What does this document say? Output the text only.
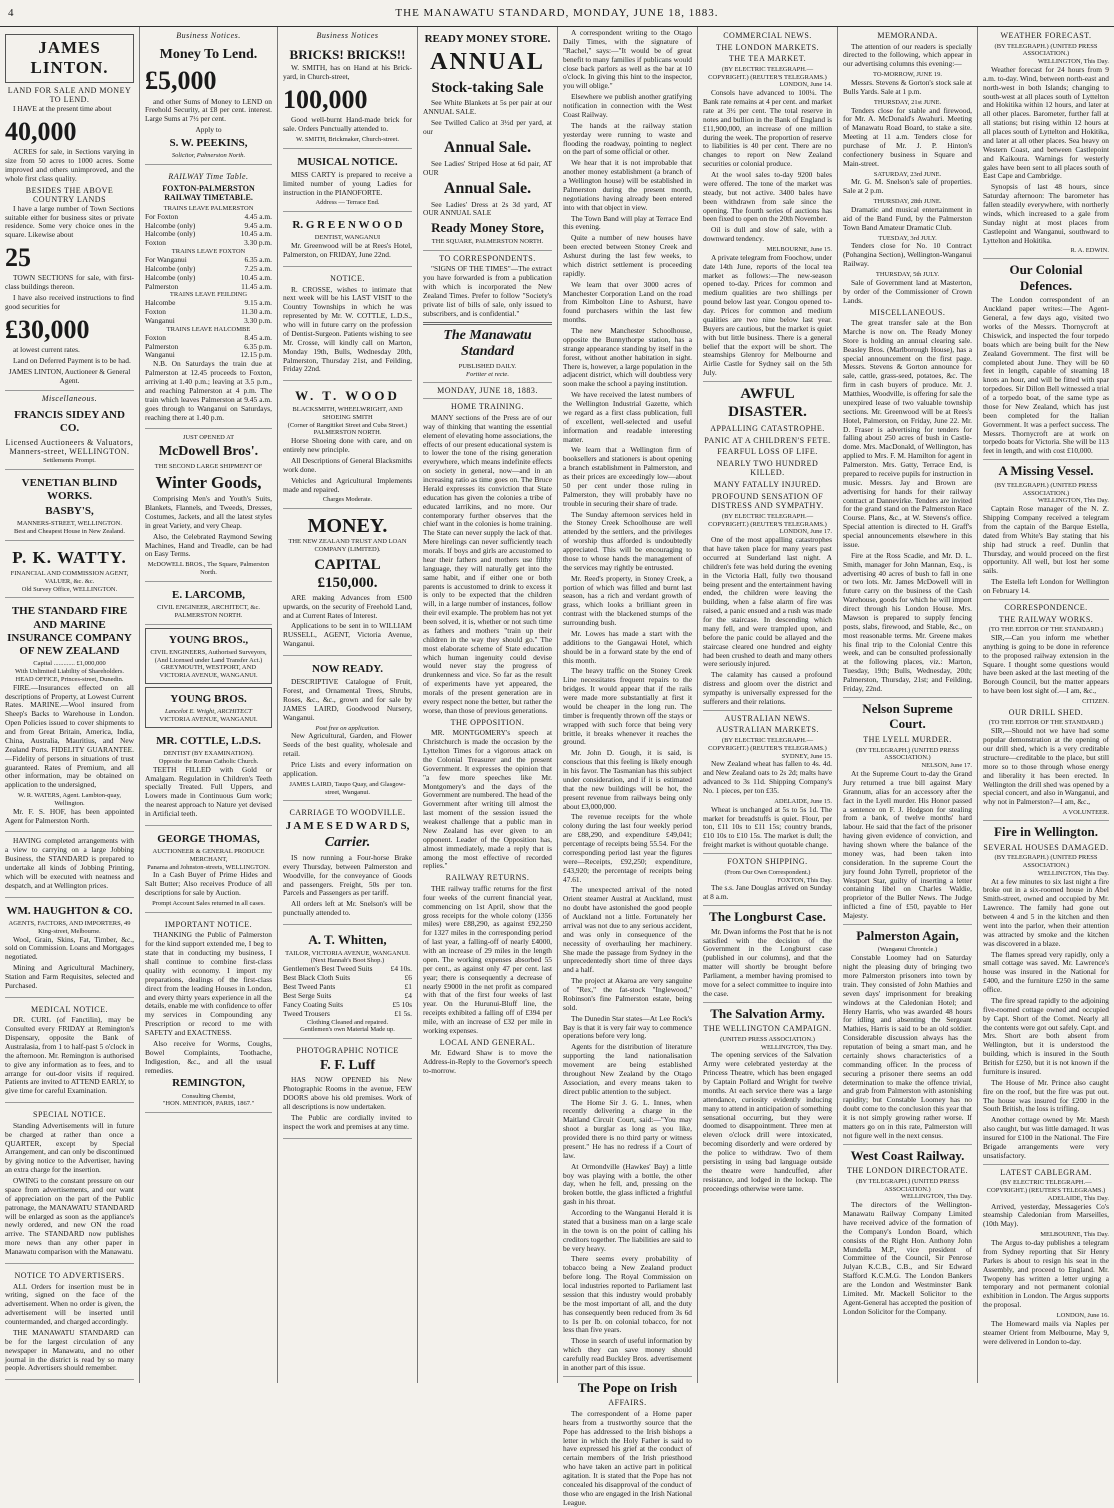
4	THE MANAWATU STANDARD, MONDAY, JUNE 18, 1883.
JAMES LINTON.
LAND FOR SALE AND MONEY TO LEND.

I HAVE at the present time about

40,000

ACRES for sale, in Sections varying in size from 50 acres to 1000 acres. Some improved and others unimproved, and the whole first class quality.

BESIDES THE ABOVE COUNTRY LANDS

I have a large number of Town Sections suitable either for business sites or private residence. Some very choice ones in the square. Likewise about

25

TOWN SECTIONS for sale, with first-class buildings thereon.

I have also received instructions to find good securities for

£30,000

at lowest current rates.

Land on Deferred Payment is to be had.

JAMES LINTON, Auctioneer & General Agent.
Miscellaneous.
FRANCIS SIDEY AND CO.
Licensed Auctioneers & Valuators, Manners-street, WELLINGTON.
Settlements Prompt.
VENETIAN BLIND WORKS.
BASBY'S,
MANNERS-STREET, WELLINGTON.
Best and Cheapest House in New Zealand.
P. K. WATTY.
FINANCIAL AND COMMISSION AGENT, VALUER, &c. &c.
Old Survey Office, WELLINGTON.
THE STANDARD FIRE AND MARINE INSURANCE COMPANY OF NEW ZEALAND
Capital ............. £1,000,000
With Unlimited Liability of Shareholders.
HEAD OFFICE, Princes-street, Dunedin.

FIRE.—Insurances effected on all descriptions of Property, at Lowest Current Rates. MARINE.—Wool insured from Sheep's Backs to Warehouse in London. Open Policies issued to cover shipments to and from Great Britain, America, India, China, Australia, Mauritius, and New Zealand Ports. FIDELITY GUARANTEE.—Fidelity of persons in situations of trust guaranteed. Rates of Premium, and all other information, may be obtained on application to the undersigned,

W. R. WATERS, Agent. Lambton-quay, Wellington.

Mr. F. S. HOF, has been appointed Agent for Palmerston North.

HAVING completed arrangements with a view to carrying on a large Jobbing Business, the STANDARD is prepared to undertake all kinds of Jobbing Printing, which will be executed with neatness and despatch, and at Wellington prices.

WM. HAUGHTON & CO.
AGENTS, FACTORS, AND IMPORTERS, 49 King-street, Melbourne.

Wool, Grain, Skins, Fat, Timber, &c., sold on Commission. Loans and Mortgages negotiated.

Mining and Agricultural Machinery, Station and Farm Requisites, selected and Purchased.

MEDICAL NOTICE.

DR. CURL (of Fanctilin), may be Consulted every FRIDAY at Remington's Dispensary, opposite the Bank of Australasia, from 1 to half-past 5 o'clock in the afternoon. Mr. Remington is authorised to give any information as to fees, and to arrange for out-door visits if required. Patients are invited to ATTEND EARLY, to give time for careful Examination.

SPECIAL NOTICE.

Standing Advertisements will in future be charged at rather than once a QUARTER, except by Special Arrangement, and can only be discontinued by giving notice to the Advertiser, having an extra charge for the insertion.

OWING to the constant pressure on our space from advertisements, and our want of appreciation on the part of the Public patronage, the MANAWATU STANDARD will be enlarged as soon as the appliance's newly ordered, and new ON the road arrive. The STANDARD now publishes more news than any other paper in Manawatu comparison with the Manawatu.

NOTICE TO ADVERTISERS.

ALL Orders for insertion must be in writing, signed on the face of the advertisement. When no order is given, the advertisement will be inserted until countermanded, and charged accordingly.

THE MANAWATU STANDARD can be for the largest circulation of any newspaper in Manawatu, and no other journal in the district is read by so many people. Advertisers should remember.

Business Notices.
Money To Lend.
£5,000

and other Sums of Money to LEND on Freehold Security, at £8 per cent. interest. Large Sums at 7½ per cent.

Apply to
S. W. PEEKINS,
Solicitor, Palmerston North.
RAILWAY Time Table.
FOXTON-PALMERSTON RAILWAY TIMETABLE.
TRAINS LEAVE PALMERSTON
For Foxton	4.45 a.m.
Halcombe (only)	9.45 a.m.
Halcombe (only)	10.45 a.m.
Foxton	3.30 p.m.
TRAINS LEAVE FOXTON
For Wanganui	6.35 a.m.
Halcombe (only)	7.25 a.m.
Halcombe (only)	10.45 a.m.
Palmerston	11.45 a.m.
TRAINS LEAVE FEILDING
Halcombe	9.15 a.m.
Foxton	11.30 a.m.
Wanganui	3.30 p.m.
TRAINS LEAVE HALCOMBE
Foxton	8.45 a.m.
Palmerston	6.35 p.m.
Wanganui	12.15 p.m.

N.B. On Saturdays the train due at Palmerston at 12.45 proceeds to Foxton, arriving at 1.40 p.m.; leaving at 3.5 p.m., and reaching Palmerston at 4 p.m. The train which leaves Palmerston at 9.45 a.m. goes through to Wanganui on Saturdays, reaching there at 1.40 p.m.

JUST OPENED AT
McDowell Bros'.
THE SECOND LARGE SHIPMENT OF
Winter Goods,

Comprising Men's and Youth's Suits, Blankets, Flannels, and Tweeds, Dresses, Costumes, Jackets, and all the latest styles in great Variety, and very Cheap.

Also, the Celebrated Raymond Sewing Machines, Hand and Treadle, can be had on Easy Terms.

McDOWELL BROS., The Square, Palmerston North.
E. LARCOMB,
CIVIL ENGINEER, ARCHITECT, &c.
PALMERSTON NORTH.
YOUNG BROS.,
CIVIL ENGINEERS, Authorised Surveyors, (And Licensed under Land Transfer Act.)
GREYMOUTH, WESTPORT, AND VICTORIA AVENUE, WANGANUI.
YOUNG BROS.
Lancelot E. Wright, ARCHITECT
VICTORIA AVENUE, WANGANUI.
MR. COTTLE, L.D.S.
DENTIST (BY EXAMINATION).
Opposite the Roman Catholic Church.

TEETH FILLED with Gold or Amalgam. Regulation in Children's Teeth specially Treated. Full Uppers, and Lowers made in Continuous Gum work; the nearest approach to Nature yet devised in Artificial teeth.

GEORGE THOMAS,
AUCTIONEER & GENERAL PRODUCE MERCHANT,
Panama and Johnston-streets, WELLINGTON.

In a Cash Buyer of Prime Hides and Salt Butter; Also receives Produce of all descriptions for sale by Auction.

Prompt Account Sales returned in all cases.
IMPORTANT NOTICE.

THANKING the Public of Palmerston for the kind support extended me, I beg to state that in conducting my business, I shall continue to combine first-class quality with economy. I import my preparations, dealings of the first-class direct from the leading Houses in London, and every thirty years experience in all the details, enable me with confidence to offer my services in Compounding any Prescription or record to me with SAFETY and EXACTNESS.

Also receive for Worms, Coughs, Bowel Complaints, Toothache, Indigestion, &c., and all the usual remedies.

REMINGTON,
Consulting Chemist,
"HON. MENTION, PARIS, 1867."
Business Notices
BRICKS! BRICKS!!

W. SMITH, has on Hand at his Brick-yard, in Church-street,

100,000

Good well-burnt Hand-made brick for sale. Orders Punctually attended to.

W. SMITH, Brickmaker, Church-street.
MUSICAL NOTICE.

MISS CARTY is prepared to receive a limited number of young Ladies for instruction in the PIANOFORTE.

Address — Terrace End.
R. G R E E N W O O D
DENTIST, WANGANUI

Mr. Greenwood will be at Rees's Hotel, Palmerston, on FRIDAY, June 22nd.

NOTICE.

R. CROSSE, wishes to intimate that next week will be his LAST VISIT to the Country Townships in which he was represented by Mr. W. COTTLE, L.D.S., who will in future carry on the profession of Dentist-Surgeon. Patients wishing to see Mr. Crosse, will kindly call on Marton, Monday 19th, Bulls, Wednesday 20th, Palmerston, Thursday 21st, and Feilding, Friday 22nd.

W. T. WOOD
BLACKSMITH, WHEELWRIGHT, AND SHOEING SMITH
(Corner of Rangitikei Street and Cuba Street.) PALMERSTON NORTH.

Horse Shoeing done with care, and on entirely new principle.

All Descriptions of General Blacksmiths work done.

Vehicles and Agricultural Implements made and repaired.

Charges Moderate.
MONEY.
THE NEW ZEALAND TRUST AND LOAN COMPANY (LIMITED).
CAPITAL £150,000.

ARE making Advances from £500 upwards, on the security of Freehold Land, and at Current Rates of Interest.

Applications to be sent in to WILLIAM RUSSELL, AGENT, Victoria Avenue, Wanganui.

NOW READY.

DESCRIPTIVE Catalogue of Fruit, Forest, and Ornamental Trees, Shrubs, Roses, &c., &c., grown and for sale by JAMES LAIRD, Goodwood Nursery, Wanganui.

Post free on application.

New Agricultural, Garden, and Flower Seeds of the best quality, wholesale and retail.

Price Lists and every information on application.

JAMES LAIRD, Taupo Quay, and Glasgow-street, Wanganui.
CARRIAGE TO WOODVILLE.
J A M E S E D W A R D S,
Carrier.

IS now running a Four-horse Brake every Thursday, between Palmerston and Woodville, for the conveyance of Goods and passengers. Freight, 50s per ton. Parcels and Passengers as per tariff.

All orders left at Mr. Snelson's will be punctually attended to.

A. T. Whitten,
TAILOR, VICTORIA AVENUE, WANGANUI.
(Next Hannah's Boot Shop.)
Gentlemen's Best Tweed Suits £4 10s.
Best Black Cloth Suits	£6
Best Tweed Pants	£1
Best Serge Suits	£4
Fancy Coating Suits	£5 10s
Tweed Trousers	£1 5s.
Clothing Cleaned and repaired.
Gentlemen's own Material Made up.
PHOTOGRAPHIC NOTICE
F. F. Luff

HAS NOW OPENED his New Photographic Rooms in the avenue, FEW DOORS above his old premises. Work of all descriptions is now undertaken.

The Public are cordially invited to inspect the work and premises at any time.

READY MONEY STORE.
ANNUAL
Stock-taking Sale

See White Blankets at 5s per pair at our ANNUAL SALE.

See Twilled Calico at 3½d per yard, at our

Annual Sale.

See Ladies' Striped Hose at 6d pair, AT OUR

Annual Sale.

See Ladies' Dress at 2s 3d yard, AT OUR ANNUAL SALE

Ready Money Store,
THE SQUARE, PALMERSTON NORTH.
TO CORRESPONDENTS.

"SIGNS OF THE TIMES"—The extract you have forwarded is from a publication with which is incorporated the New Zealand Times. Prefer to follow "Society's private list of bills of sale, only issued to subscribers, and is confidential."

The Manawatu Standard
PUBLISHED DAILY.
Fortiter et recte.
MONDAY, JUNE 18, 1883.
HOME TRAINING.

MANY sections of the Press are of our way of thinking that wanting the essential element of elevating home associations, the effects of our present educational system is to lower the tone of the rising generation everywhere, which means indefinite effects on society in general, now—and in an increasing ratio as time goes on. The Bruce Herald expresses its conviction that State education has given the colonies a tribe of educated larrikins, and no more. Our contemporary further observes that the chief want in the colonies is home training. The State can never supply the lack of that. Mere hirelings can never sufficiently teach morals. If boys and girls are accustomed to hear their fathers and mothers use filthy language, they will naturally get into the same habit, and if either one or both parents is accustomed to drink to excess it is only to be expected that the children will, in a large number of instances, follow their evil example. The problem has not yet been solved, it is, whether or not such time as fathers and mothers "train up their children in the way they should go." The most elaborate scheme of State education which human ingenuity could devise would never stay the progress of drunkenness and vice. So far as the result of experiments have yet appeared, the morals of the present generation are in every respect none the better, but rather the worse, than those of previous generations.

THE OPPOSITION.

MR. MONTGOMERY's speech at Christchurch is made the occasion by the Lyttelton Times for a vigorous attack on the Colonial Treasurer and the present Government. It expresses the opinion that "a few more speeches like Mr. Montgomery's and the days of the Government are numbered. The head of the Government after writing till almost the last moment of the session issued the weakest challenge that a public man in New Zealand has ever given to an opponent. Leader of the Opposition has, almost immediately, made a reply that is among the most effective of recorded replies."

RAILWAY RETURNS.

THE railway traffic returns for the first four weeks of the current financial year, commencing on 1st April, show that the gross receipts for the whole colony (1356 miles) were £88,290, as against £92,250 for 1327 miles in the corresponding period of last year, a falling-off of nearly £4000, with an increase of 29 miles in the length open. The working expenses absorbed 55 per cent., as against only 47 per cent. last year; there is consequently a decrease of nearly £9000 in the net profit as compared with that of the first four weeks of last year. On the Hurunui-Bluff line, the receipts exhibited a falling off of £394 per mile, with an increase of £32 per mile in working expenses.

LOCAL AND GENERAL.

Mr. Edward Shaw is to move the Address-in-Reply to the Governor's speech to-morrow.

A correspondent writing to the Otago Daily Times, with the signature of "Rachel," says:—"It would be of great benefit to many families if publicans would close back parlors as well as the bar at 10 o'clock. In giving this hint to the inspector, you will oblige."

Elsewhere we publish another gratifying notification in connection with the West Coast Railway.

The hands at the railway station yesterday were running to waste and flooding the roadway, pointing to neglect on the part of some official or other.

We hear that it is not improbable that another money establishment (a branch of a Wellington house) will be established in Palmerston during the present month, negotiations having already been entered into with that object in view.

The Town Band will play at Terrace End this evening.

Quite a number of new houses have been erected between Stoney Creek and Ashurst during the last few weeks, to which district settlement is proceeding rapidly.

We learn that over 3000 acres of Manchester Corporation Land on the road from Kimbolton Line to Ashurst, have found purchasers within the last few months.

The new Manchester Schoolhouse, opposite the Bunnythorpe station, has a strange appearance standing by itself in the forest, without another habitation in sight. There is, however, a large population in the adjacent district, which will doubtless very soon make the school a paying institution.

We have received the latest numbers of the Wellington Industrial Gazette, which we regard as a first class publication, full of excellent, well-selected and useful information and readable interesting matter.

We learn that a Wellington firm of booksellers and stationers is about opening a branch establishment in Palmerston, and as their prices are exceedingly low—about 50 per cent under those ruling in Palmerston, they will probably have no trouble in securing their share of trade.

The Sunday afternoon services held in the Stoney Creek Schoolhouse are well attended by the settlers, and the privileges of worship thus afforded is undoubtedly appreciated. This will be encouraging to those to whose hands the management of the services may rightly be entrusted.

Mr. Reed's property, in Stoney Creek, a portion of which was filled and burnt last season, has a rich and verdant growth of grass, which looks a brilliant green in contrast with the blackened stumps of the surrounding bush.

Mr. Lowes has made a start with the additions to the Gangawai Hotel, which should be in a forward state by the end of this month.

The heavy traffic on the Stoney Creek Line necessitates frequent repairs to the bridges. It would appear that if the rails were made more substantially at first it would be cheaper in the long run. The timber is frequently thrown off the stays or wrapped with such force that being very brittle, it breaks whenever it reaches the ground.

Mr. John D. Gough, it is said, is conscious that this feeling is likely enough in his favor. The Tasmanian has this subject under consideration, and if it is estimated that the new buildings will be hot, the present revenue from railways being only about £3,000,000.

The revenue receipts for the whole colony during the last four weekly period are £88,290, and expenditure £49,041; percentage of receipts being 55.54. For the corresponding period last year the figures were—Receipts, £92,250; expenditure, £43,920; the percentage of receipts being 47.61.

The unexpected arrival of the noted Orient steamer Austral at Auckland, must no doubt have astonished the good people of Auckland not a little. Fortunately her arrival was not due to any serious accident, and was only in consequence of the necessity of overhauling her machinery. She made the passage from Sydney in the unprecedentedly short time of three days and a half.

The project at Akaroa are very sanguine of "Rex," the fat-stock "Inglewood," Robinson's fine Palmerston estate, being sold.

The Dunedin Star states—At Lee Rock's Bay is that it is very fair way to commence operations before very long.

Agents for the distribution of literature supporting the land nationalisation movement are being established throughout New Zealand by the Otago Association, and every means taken to direct public attention to the subject.

The Home Sir J. G. L. Innes, when recently delivering a charge in the Maitland Circuit Court, said:—"You may shoot a burglar as long as you like, provided there is no third party or witness present." He has no redress if a Court of law.

At Ormondville (Hawkes' Bay) a little boy was playing with a bottle, the other day, when he fell, and, pressing on the broken bottle, the glass inflicted a frightful gash in his throat.

According to the Wanganui Herald it is stated that a business man on a large scale in the town is on the point of calling his creditors together. The liabilities are said to be very heavy.

There seems every probability of tobacco being a New Zealand product before long. The Royal Commission on local industries reported to Parliament last session that this industry would probably be the most important of all, and the duty has consequently been reduced from 3s 6d to 1s per lb. on colonial tobacco, for not less than five years.

Those in search of useful information by which they can save money should carefully read Buckley Bros. advertisement in another part of this issue.

The Pope on Irish
AFFAIRS.

The correspondent of a Home paper hears from a trustworthy source that the Pope has addressed to the Irish bishops a letter in which the Holy Father is said to have expressed his grief at the conduct of certain members of the Irish priesthood who have taken an active part in political agitation. It is stated that the Pope has not concealed his disapproval of the conduct of those who are engaged in the Irish National League.

COMMERCIAL NEWS.
THE LONDON MARKETS.
THE TEA MARKET.
(BY ELECTRIC TELEGRAPH.—COPYRIGHT.) (REUTER'S TELEGRAMS.)
LONDON, June 14.

Consols have advanced to 100¼. The Bank rate remains at 4 per cent. and market rate at 3½ per cent. The total reserve in notes and bullion in the Bank of England is £11,900,000, an increase of one million during the week. The proportion of reserve to liabilities is 40 per cent. There are no changes to report on New Zealand securities or colonial produce.

At the wool sales to-day 9200 bales were offered. The tone of the market was steady, but not active. 3400 bales have been withdrawn from sale since the opening. The fourth series of auctions has been fixed to open on the 20th November.

Oil is dull and slow of sale, with a downward tendency.

MELBOURNE, June 15.

A private telegram from Foochow, under date 14th June, reports of the local tea market as follows:—The new-season opened to-day. Prices for common and medium qualities are two shillings per pound below last year. Congou opened to-day. Prices for common and medium qualities are two nine below last year. Buyers are cautious, but the market is quiet with but little business. There is a general belief that the export will be short. The steamships Glenroy for Melbourne and Airlie Castle for Sydney sail on the 5th July.

AWFUL DISASTER.
APPALLING CATASTROPHE.
PANIC AT A CHILDREN'S FETE.
FEARFUL LOSS OF LIFE.
NEARLY TWO HUNDRED KILLED.
MANY FATALLY INJURED.
PROFOUND SENSATION OF DISTRESS AND SYMPATHY.
(BY ELECTRIC TELEGRAPH.—COPYRIGHT.) (REUTER'S TELEGRAMS.)
LONDON, June 17.

One of the most appalling catastrophes that have taken place for many years past occurred at Sunderland last night. A children's fete was held during the evening in the Victoria Hall, fully two thousand being present and the entertainment having ended, the children were leaving the building, when a false alarm of fire was raised, a panic ensued and a rush was made for the staircase. In descending which many fell, and were trampled upon, and before the panic could be allayed and the staircase cleared one hundred and eighty had been crushed to death and many others were seriously injured.

The calamity has caused a profound distress and gloom over the district and sympathy is universally expressed for the sufferers and their relations.

AUSTRALIAN NEWS.
AUSTRALIAN MARKETS.
(BY ELECTRIC TELEGRAPH.—COPYRIGHT.) (REUTER'S TELEGRAMS.)
SYDNEY, June 15.

New Zealand wheat has fallen to 4s. 4d. and New Zealand oats to 2s 2d; malts have advanced to 3s 11d. Shipping Company's No. 1 pieces, per ton £35.

ADELAIDE, June 15.

Wheat is unchanged at 5s to 5s 1d. The market for breadstuffs is quiet. Flour, per ton, £11 10s to £11 15s; country brands, £10 10s to £10 15s. The market is dull; the freight market is without quotable change.

FOXTON SHIPPING.
(From Our Own Correspondent.)
FOXTON, This Day.

The s.s. Jane Douglas arrived on Sunday at 8 a.m.

The Longburst Case.

Mr. Dwan informs the Post that he is not satisfied with the decision of the Government in the Longburst case (published in our columns), and that the matter will shortly be brought before Parliament, a member having promised to move for a select committee to inquire into the case.

The Salvation Army.
THE WELLINGTON CAMPAIGN.
(UNITED PRESS ASSOCIATION.)
WELLINGTON, This Day.

The opening services of the Salvation Army were celebrated yesterday at the Princess Theatre, which has been engaged by Captain Pollard and Wright for twelve months. At each service there was a large attendance, curiosity evidently inducing many to attend in anticipation of something sensational occurring, but they were doomed to disappointment. Three men at eleven o'clock drill were intoxicated, becoming disorderly and were ordered by the police to withdraw. Two of them persisting in using bad language outside the theatre were handcuffed, after resistance, and lodged in the lockup. The proceedings otherwise were tame.

MEMORANDA.

The attention of our readers is specially directed to the following, which appear in our advertising columns this evening:—

TO-MORROW, JUNE 19.

Messrs. Stevens & Gorton's stock sale at Bulls Yards. Sale at 1 p.m.

THURSDAY, 21st JUNE.

Tenders close for stable and firewood, for Mr. A. McDonald's Awahuri. Meeting of Manawatu Road Board, to stake a site. Meeting at 11 a.m. Tenders close for purchase of Mr. J. P. Hinton's confectionery business in Square and Main-street.

SATURDAY, 23rd JUNE.

Mr. G. M. Snelson's sale of properties. Sale at 2 p.m.

THURSDAY, 28th JUNE.

Dramatic and musical entertainment in aid of the Band Fund, by the Palmerston Town Band Amateur Dramatic Club.

TUESDAY, 3rd JULY.

Tenders close for No. 10 Contract (Pohangina Section), Wellington-Wanganui Railway.

THURSDAY, 5th JULY.

Sale of Government land at Masterton, by order of the Commissioner of Crown Lands.

MISCELLANEOUS.

The great transfer sale at the Bon Marche is now on. The Ready Money Store is holding an annual clearing sale. Beasley Bros. (Marlborough House), has a special announcement on the first page. Messrs. Stevens & Gorton announce for sale, cattle, grass-seed, potatoes, &c. The firm in cash buyers of produce. Mr. J. Matthies, Woodville, is offering for sale the unexpired lease of two valuable township sections. Mr. Greenwood will be at Rees's Hotel, Palmerston, on Friday, June 22. Mr. D. Fraser is advertising for tenders for falling about 250 acres of bush in Castle-dome. Mrs. MacDonald, of Wellington, has applied to Mrs. F. M. Hamilton for agent in Palmerston. Mrs. Gatty, Terrace End, is prepared to receive pupils for instruction in music. Messrs. Jay and Brown are advertising for hands for their railway contract at Dannevirke. Tenders are invited for the grand stand on the Palmerston Race Course. Plans, &c., at W. Stevens's office. Special attention is directed to H. Graff's special announcements elsewhere in this issue.

Fire at the Ross Scadie, and Mr. D. L. Smith, manager for John Mannan, Esq., is advertising 40 acres of bush to fall in one or two lots. Mr. James McDowell will in future carry on the business of the Cash Warehouse, goods for which he will import direct through his London House. Mrs. Mawson is prepared to supply fencing posts, slabs, firewood, and Stable, &c., on most reasonable terms. Mr. Greene makes his final trip to the Colonial Centre this week, and can be consulted professionally at the following places, viz.: Marton, Tuesday, 19th; Bulls, Wednesday, 20th; Palmerston, Thursday, 21st; and Feilding, Friday, 22nd.

Nelson Supreme Court.
THE LYELL MURDER.
(BY TELEGRAPH.) (UNITED PRESS ASSOCIATION.)
NELSON, June 17.

At the Supreme Court to-day the Grand Jury returned a true bill against Mary Grannum, alias for an accessory after the fact in the Lyell murder. His Honor passed a sentence on F. J. Hodgson for stealing from a bank, of twelve months' hard labour. He said that the fact of the prisoner having given evidence of conviction, and having shown where the balance of the money was, had been taken into consideration. In the supreme Court the jury found John Tyrrell, proprietor of the Westport Star, guilty of inserting a letter containing libel on Charles Waldie, proprietor of the Buller News. The Judge inflicted a fine of £50, payable to Her Majesty.

Palmerston Again,
(Wanganui Chronicle.)

Constable Loomey had on Saturday night the pleasing duty of bringing two more Palmerston prisoners into town by train. They consisted of John Mathies and seven days' imprisonment for breaking windows at the Caledonian Hotel; and Henry Harris, who was awarded 48 hours for idling and absenting the Sergeant Mathies, Harris is said to be an old soldier. Considerable discussion always has the reputation of being a smart man, and he certainly shows characteristics of a commanding officer. In the process of securing a prisoner there seems an odd determination to make the offence trivial, and grab from Palmerston with astonishing rapidity; but Constable Loomey has no doubt come to the conclusion this year that it is not simply growing rather worse. If matters go on in this rate, Palmerston will not figure well in the next census.

West Coast Railway.
THE LONDON DIRECTORATE.
(BY TELEGRAPH.) (UNITED PRESS ASSOCIATION.)
WELLINGTON, This Day.

The directors of the Wellington-Manawatu Railway Company Limited have received advice of the formation of the Company's London Board, which consists of the Right Hon. Anthony John Mundella M.P., vice president of Committee of the Council, Sir Penrose Julyan K.C.B., C.B., and Sir Edward Stafford K.C.M.G. The London Bankers are the London and Westminster Bank Limited. Mr. Mackell Solicitor to the Agent-General has accepted the position of London Solicitor for the Company.

WEATHER FORECAST.
(BY TELEGRAPH.) (UNITED PRESS ASSOCIATION.)
WELLINGTON, This Day.

Weather forecast for 24 hours from 9 a.m. to-day. Wind, between north-east and north-west in both Islands; changing to south-west at all places south of Lyttelton and Hokitika within 12 hours, and later at all other places. Barometer, further fall at all stations; but rising within 12 hours at all places south of Lyttelton and Hokitika, and later at all other places. Sea heavy on Western Coast, and between Castlepoint and Kaikoura. Warnings for westerly gales have been sent to all places south of East Cape and Cambridge.

Synopsis of last 48 hours, since Saturday afternoon: The barometer has fallen steadily everywhere, with northerly winds, which increased to a gale from Sunday night at most places from Castlepoint and Wanganui, southward to Lyttelton and Hokitika.

R. A. EDWIN.
Our Colonial Defences.

The London correspondent of an Auckland paper writes:—The Agent-General, a few days ago, visited two works of the Messrs. Thornycroft at Chiswick, and inspected the four torpedo boats which are being built for the New Zealand Government. The first will be completed about June. They will be 60 feet in length, capable of steaming 18 knots an hour, and will be fitted with spar torpedoes. Sir Dillon Bell witnessed a trial of a torpedo boat, of the same type as those for New Zealand, which has just been completed for the Italian Government. It was a perfect success. The Messrs. Thornycroft are at work on torpedo boats for Victoria. She will be 113 feet in length, and with cost £10,000.

A Missing Vessel.
(BY TELEGRAPH.) (UNITED PRESS ASSOCIATION.)
WELLINGTON, This Day.

Captain Rose manager of the N. Z. Shipping Company received a telegram from the captain of the Barque Estella, dated from White's Bay stating that his ship had struck a reef. Dunlin that Thursday, and would proceed on the first opportunity. All well, but lost her some sails.

The Estella left London for Wellington on February 14.

CORRESPONDENCE.
THE RAILWAY WORKS.
(TO THE EDITOR OF THE STANDARD.)

SIR,—Can you inform me whether anything is going to be done in reference to the proposed railway extension in the Square. I thought some questions would have been asked at the last meeting of the Borough Council, but the matter appears to have been lost sight of.—I am, &c.,

CITIZEN.
OUR DRILL SHED.
(TO THE EDITOR OF THE STANDARD.)

SIR,—Should not we have had some popular demonstration at the opening of our drill shed, which is a very creditable structure—creditable to the place, but still more so to those through whose energy and liberality it has been erected. In Wellington the drill shed was opened by a special concert, and also in Wanganui, and why not in Palmerston?—I am, &c.,

A VOLUNTEER.
Fire in Wellington.
SEVERAL HOUSES DAMAGED.
(BY TELEGRAPH.) (UNITED PRESS ASSOCIATION.)
WELLINGTON, This Day.

At a few minutes to six last night a fire broke out in a six-roomed house in Abel Smith-street, owned and occupied by Mr. Lawrence. The family had gone out between 4 and 5 in the kitchen and then went into the parlor, when their attention was attracted by smoke and the kitchen was discovered in a blaze.

The flames spread very rapidly, only a small cottage was saved. Mr. Lawrence's house was insured in the National for £400, and the furniture £250 in the same office.

The fire spread rapidly to the adjoining five-roomed cottage owned and occupied by Capt. Short of the Comet. Nearly all the contents were got out safely. Capt. and Mrs. Short are both absent from Wellington, but it is understood the building, which is insured in the South British for £250, but it is not known if the furniture is insured.

The House of Mr. Prince also caught fire on the roof, but the fire was put out. The house was insured for £200 in the South British, the loss is trifling.

Another cottage owned by Mr. Marsh also caught, but was little damaged. It was insured for £100 in the National. The Fire Brigade arrangements were very unsatisfactory.

LATEST CABLEGRAM.
(BY ELECTRIC TELEGRAPH.—COPYRIGHT.) (REUTER'S TELEGRAMS.)
ADELAIDE, This Day.

Arrived, yesterday, Messageries Co's steamship Caledonian from Marseilles, (10th May).

MELBOURNE, This Day.

The Argus to-day publishes a telegram from Sydney reporting that Sir Henry Parkes is about to resign his seat in the Assembly, and proceed to England. Mr. Twopeny has written a letter urging a temporary and not permanent colonial exhibition in London. The Argus supports the proposal.

LONDON, June 16.

The Homeward mails via Naples per steamer Orient from Melbourne, May 9, were delivered in London to-day.
